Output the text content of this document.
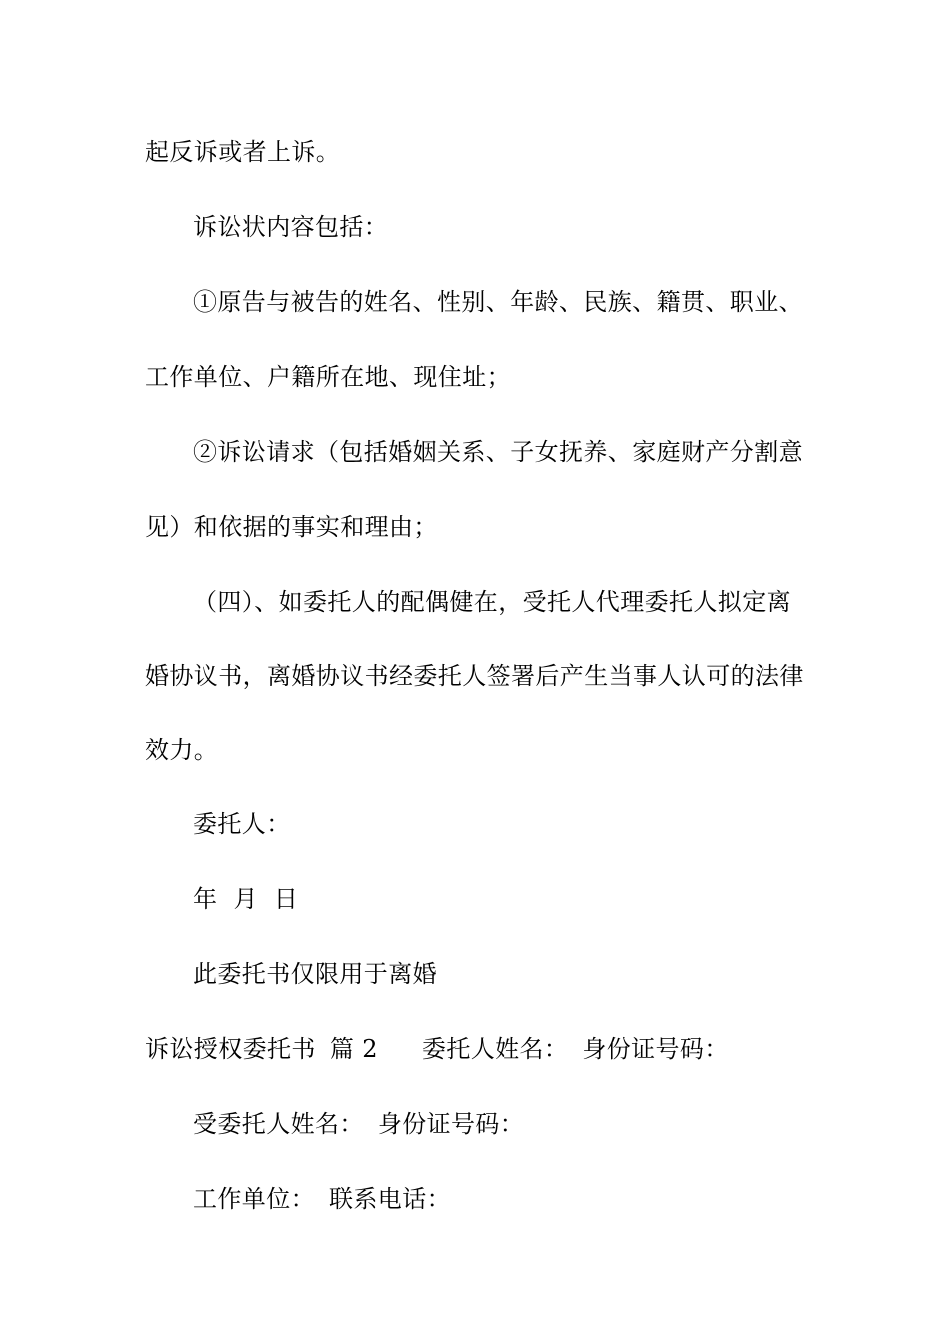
起反诉或者上诉。
诉讼状内容包括：
①原告与被告的姓名、性别、年龄、民族、籍贯、职业、
工作单位、户籍所在地、现住址；
②诉讼请求（包括婚姻关系、子女抚养、家庭财产分割意
见）和依据的事实和理由；
（四）、如委托人的配偶健在，受托人代理委托人拟定离
婚协议书，离婚协议书经委托人签署后产生当事人认可的法律
效力。
委托人：
年  月  日
此委托书仅限用于离婚
诉讼授权委托书 篇 2 委托人姓名： 身份证号码：
受委托人姓名： 身份证号码：
工作单位： 联系电话：
